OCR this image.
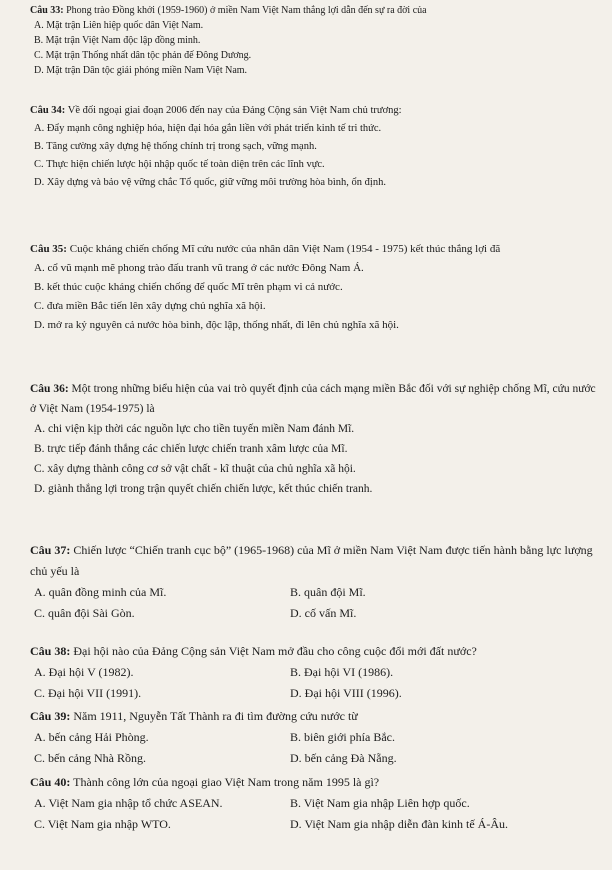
Câu 33: Phong trào Đồng khởi (1959-1960) ở miền Nam Việt Nam thắng lợi dẫn đến sự ra đời của

A. Mặt trận Liên hiệp quốc dân Việt Nam.

B. Mặt trận Việt Nam độc lập đồng minh.

C. Mặt trận Thống nhất dân tộc phản đế Đông Dương.

D. Mặt trận Dân tộc giải phóng miền Nam Việt Nam.

Câu 34: Về đối ngoại giai đoạn 2006 đến nay của Đảng Cộng sản Việt Nam chủ trương:

A. Đẩy mạnh công nghiệp hóa, hiện đại hóa gắn liền với phát triển kinh tế tri thức.

B. Tăng cường xây dựng hệ thống chính trị trong sạch, vững mạnh.

C. Thực hiện chiến lược hội nhập quốc tế toàn diện trên các lĩnh vực.

D. Xây dựng và bảo vệ vững chắc Tổ quốc, giữ vững môi trường hòa bình, ổn định.

Câu 35: Cuộc kháng chiến chống Mĩ cứu nước của nhân dân Việt Nam (1954 - 1975) kết thúc thắng lợi đã

A. cổ vũ mạnh mẽ phong trào đấu tranh vũ trang ở các nước Đông Nam Á.

B. kết thúc cuộc kháng chiến chống để quốc Mĩ trên phạm vi cả nước.

C. đưa miền Bắc tiến lên xây dựng chủ nghĩa xã hội.

D. mở ra kỷ nguyên cả nước hòa bình, độc lập, thống nhất, đi lên chủ nghĩa xã hội.

Câu 36: Một trong những biểu hiện của vai trò quyết định của cách mạng miền Bắc đối với sự nghiệp chống Mĩ, cứu nước ở Việt Nam (1954-1975) là

A. chi viện kịp thời các nguồn lực cho tiền tuyến miền Nam đánh Mĩ.

B. trực tiếp đánh thắng các chiến lược chiến tranh xâm lược của Mĩ.

C. xây dựng thành công cơ sở vật chất - kĩ thuật của chủ nghĩa xã hội.

D. giành thắng lợi trong trận quyết chiến chiến lược, kết thúc chiến tranh.

Câu 37: Chiến lược “Chiến tranh cục bộ” (1965-1968) của Mĩ ở miền Nam Việt Nam được tiến hành bằng lực lượng chủ yếu là

A. quân đồng minh của Mĩ.	B. quân đội Mĩ.

C. quân đội Sài Gòn.	D. cố vấn Mĩ.

Câu 38: Đại hội nào của Đảng Cộng sản Việt Nam mở đầu cho công cuộc đổi mới đất nước?

A. Đại hội V (1982).	B. Đại hội VI (1986).

C. Đại hội VII (1991).	D. Đại hội VIII (1996).

Câu 39: Năm 1911, Nguyễn Tất Thành ra đi tìm đường cứu nước từ

A. bến cảng Hải Phòng.	B. biên giới phía Bắc.

C. bến cảng Nhà Rồng.	D. bến cảng Đà Nẵng.

Câu 40: Thành công lớn của ngoại giao Việt Nam trong năm 1995 là gì?

A. Việt Nam gia nhập tổ chức ASEAN.	B. Việt Nam gia nhập Liên hợp quốc.

C. Việt Nam gia nhập WTO.	D. Việt Nam gia nhập diễn đàn kinh tế Á-Âu.
